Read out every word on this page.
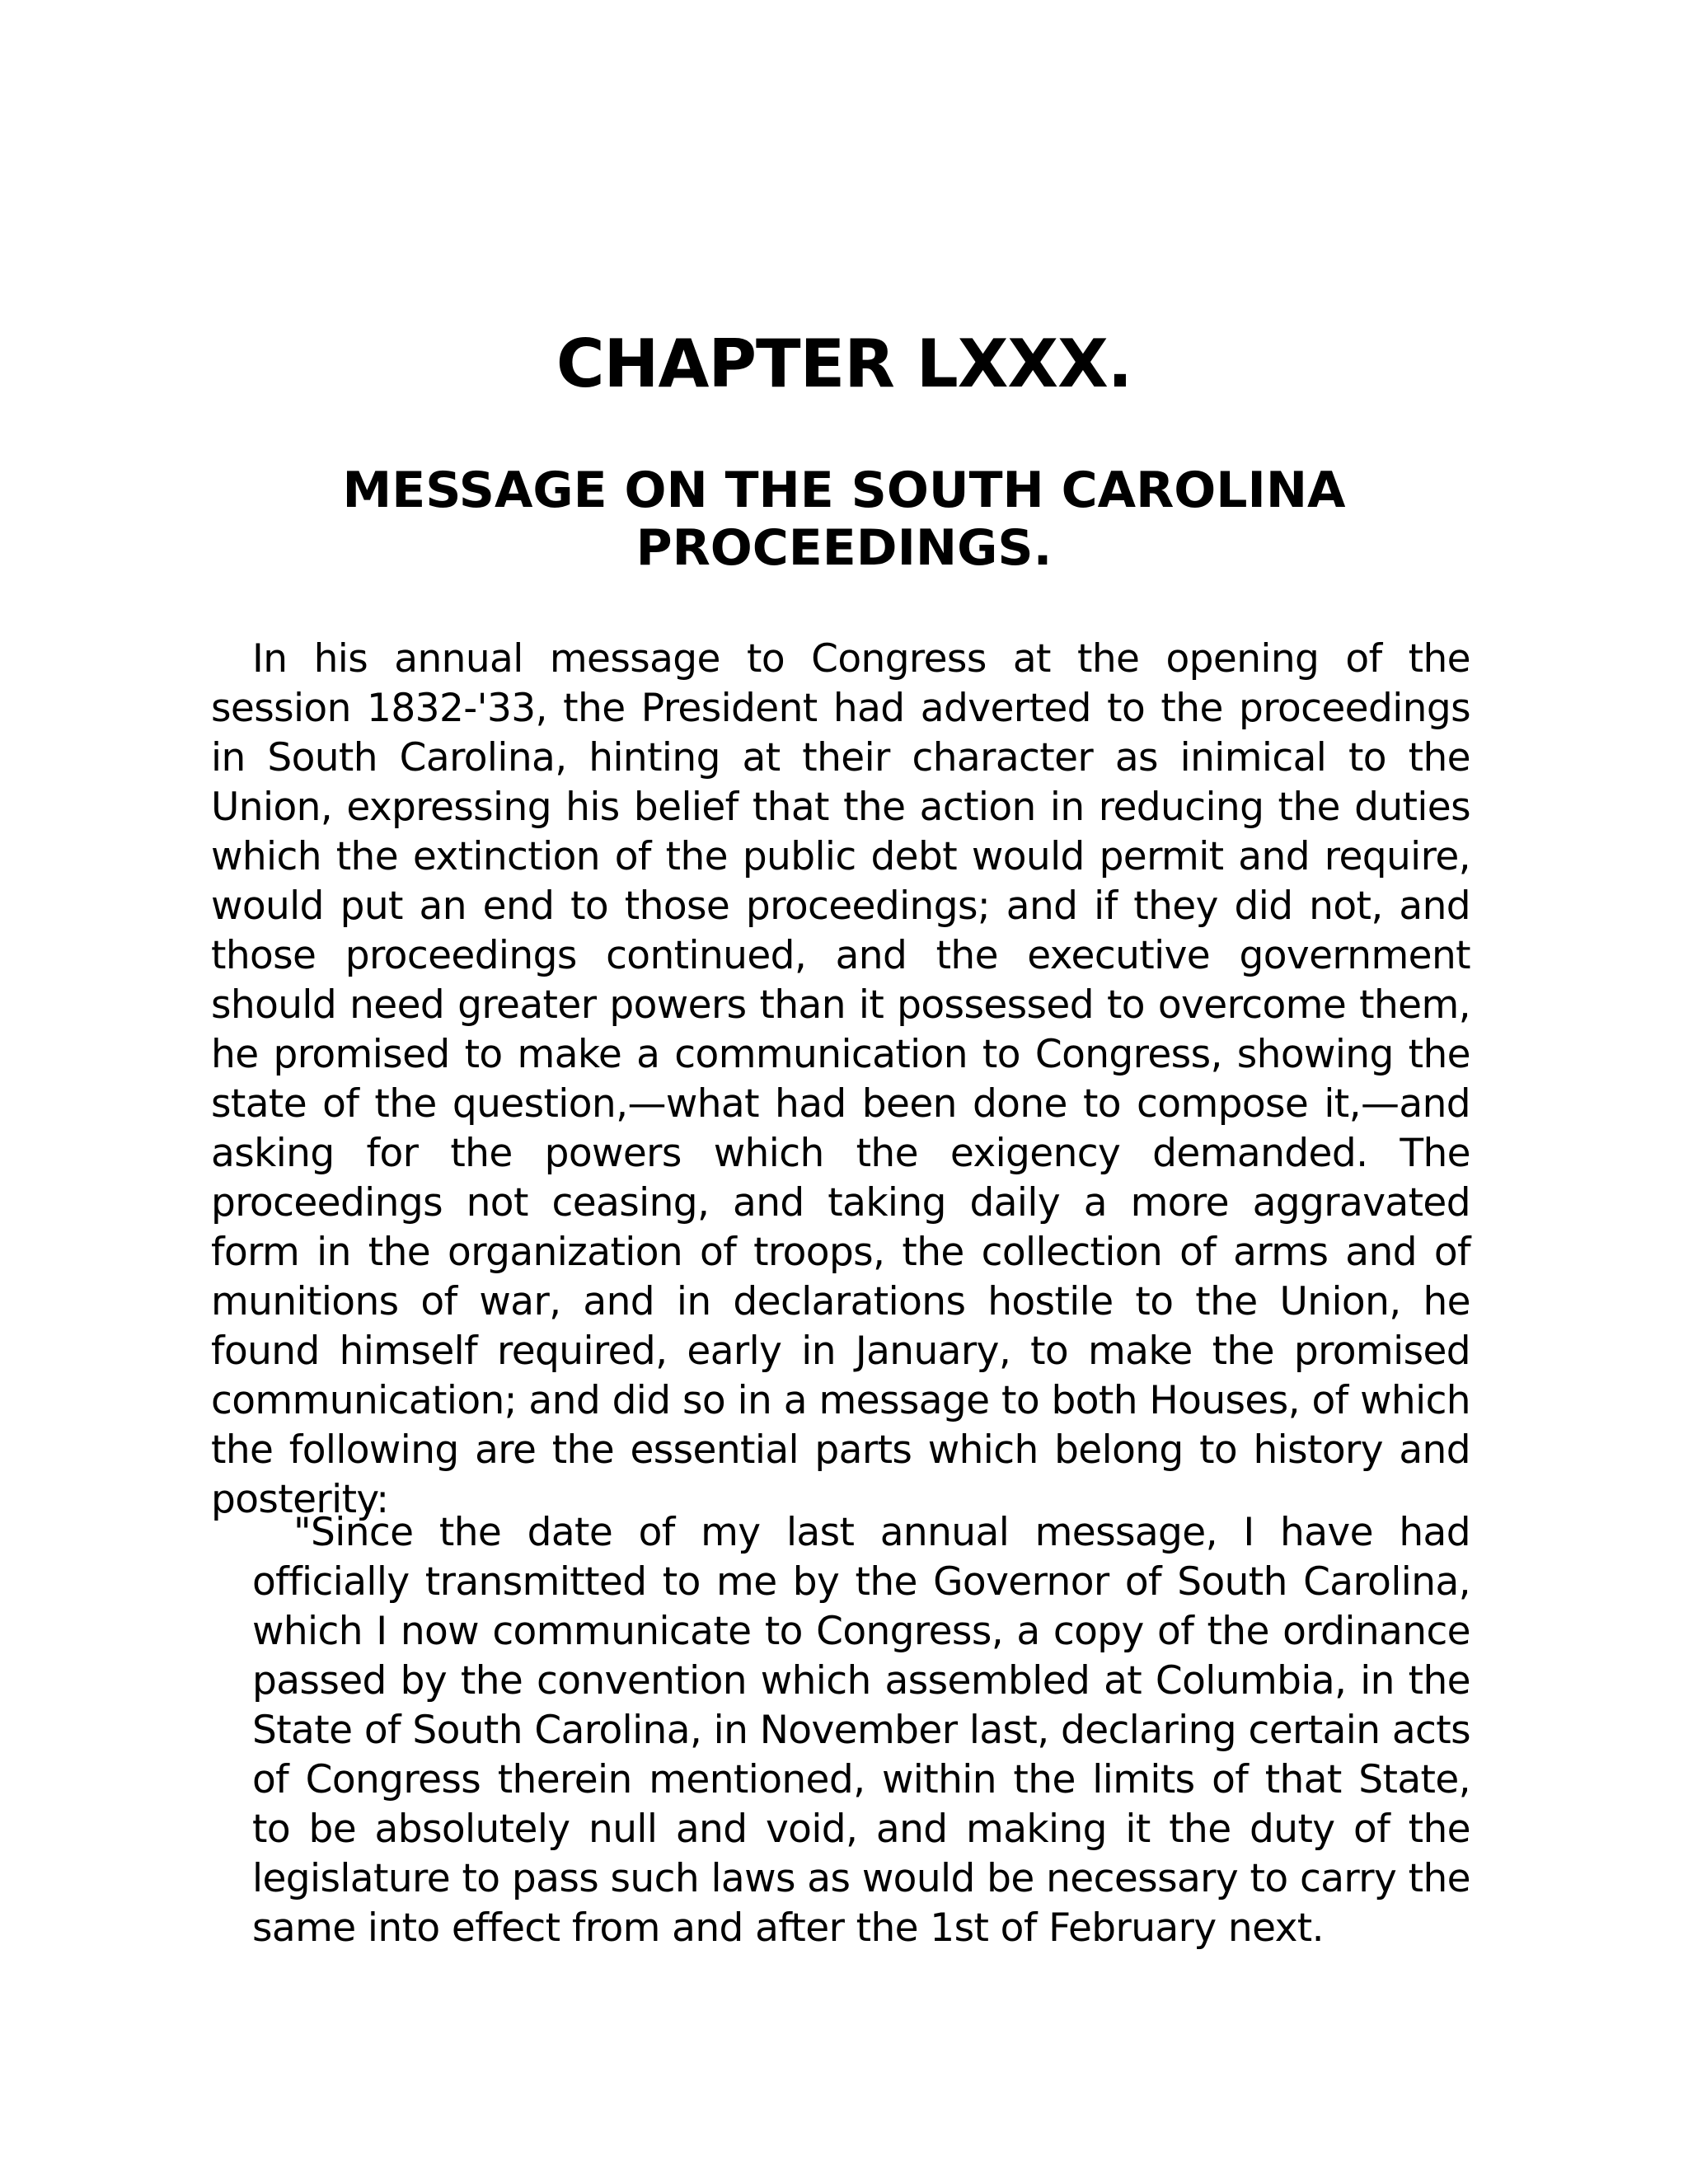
CHAPTER LXXX.
MESSAGE ON THE SOUTH CAROLINA PROCEEDINGS.

In his annual message to Congress at the opening of the session 1832-'33, the President had adverted to the proceedings in South Carolina, hinting at their character as inimical to the Union, expressing his belief that the action in reducing the duties which the extinction of the public debt would permit and require, would put an end to those proceedings; and if they did not, and those proceedings continued, and the executive government should need greater powers than it possessed to overcome them, he promised to make a communication to Congress, showing the state of the question,—what had been done to compose it,—and asking for the powers which the exigency demanded. The proceedings not ceasing, and taking daily a more aggravated form in the organization of troops, the collection of arms and of munitions of war, and in declarations hostile to the Union, he found himself required, early in January, to make the promised communication; and did so in a message to both Houses, of which the following are the essential parts which belong to history and posterity:

"Since the date of my last annual message, I have had officially transmitted to me by the Governor of South Carolina, which I now communicate to Congress, a copy of the ordinance passed by the convention which assembled at Columbia, in the State of South Carolina, in November last, declaring certain acts of Congress therein mentioned, within the limits of that State, to be absolutely null and void, and making it the duty of the legislature to pass such laws as would be necessary to carry the same into effect from and after the 1st of February next.
